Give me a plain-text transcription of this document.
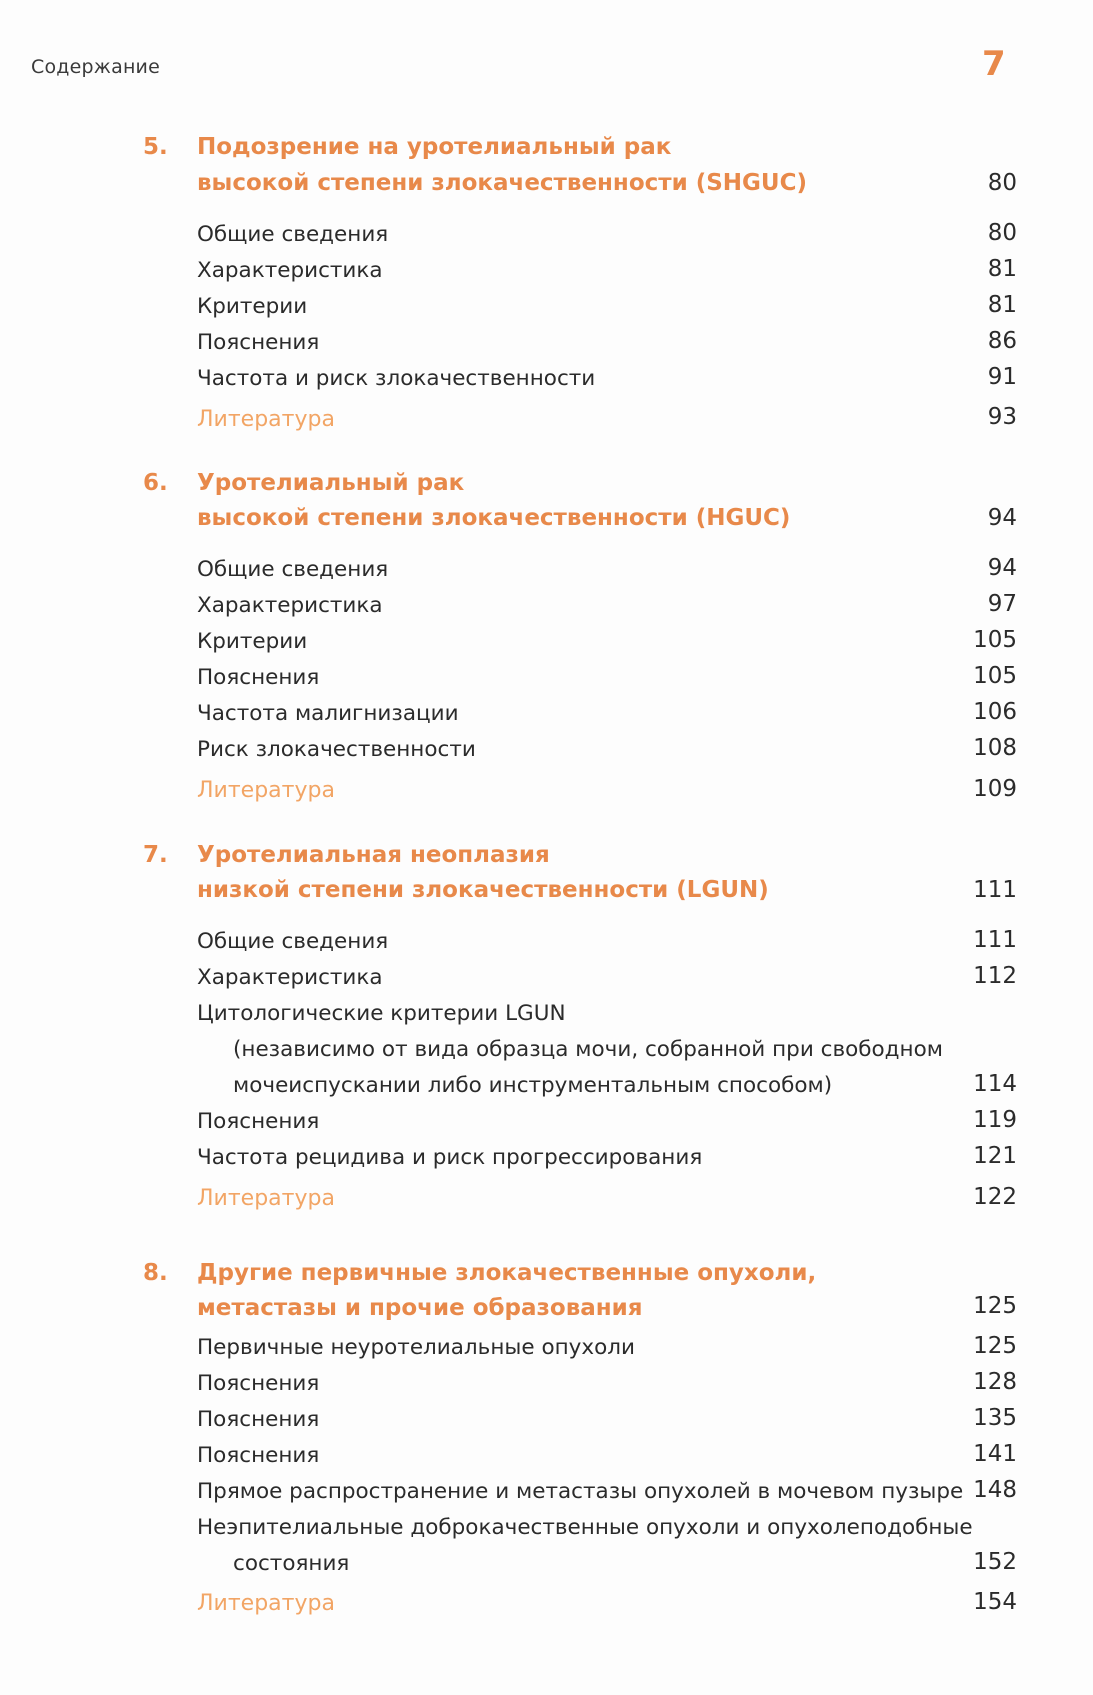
Содержание	7
5. Подозрение на уротелиальный рак
высокой степени злокачественности (SHGUC)	80
Общие сведения	80
Характеристика	81
Критерии	81
Пояснения	86
Частота и риск злокачественности	91
Литература	93
6. Уротелиальный рак
высокой степени злокачественности (HGUC)	94
Общие сведения	94
Характеристика	97
Критерии	105
Пояснения	105
Частота малигнизации	106
Риск злокачественности	108
Литература	109
7. Уротелиальная неоплазия
низкой степени злокачественности (LGUN)	111
Общие сведения	111
Характеристика	112
Цитологические критерии LGUN
(независимо от вида образца мочи, собранной при свободном
мочеиспускании либо инструментальным способом)	114
Пояснения	119
Частота рецидива и риск прогрессирования	121
Литература	122
8. Другие первичные злокачественные опухоли,
метастазы и прочие образования	125
Первичные неуротелиальные опухоли	125
Пояснения	128
Пояснения	135
Пояснения	141
Прямое распространение и метастазы опухолей в мочевом пузыре 148
Неэпителиальные доброкачественные опухоли и опухолеподобные
состояния	152
Литература	154
